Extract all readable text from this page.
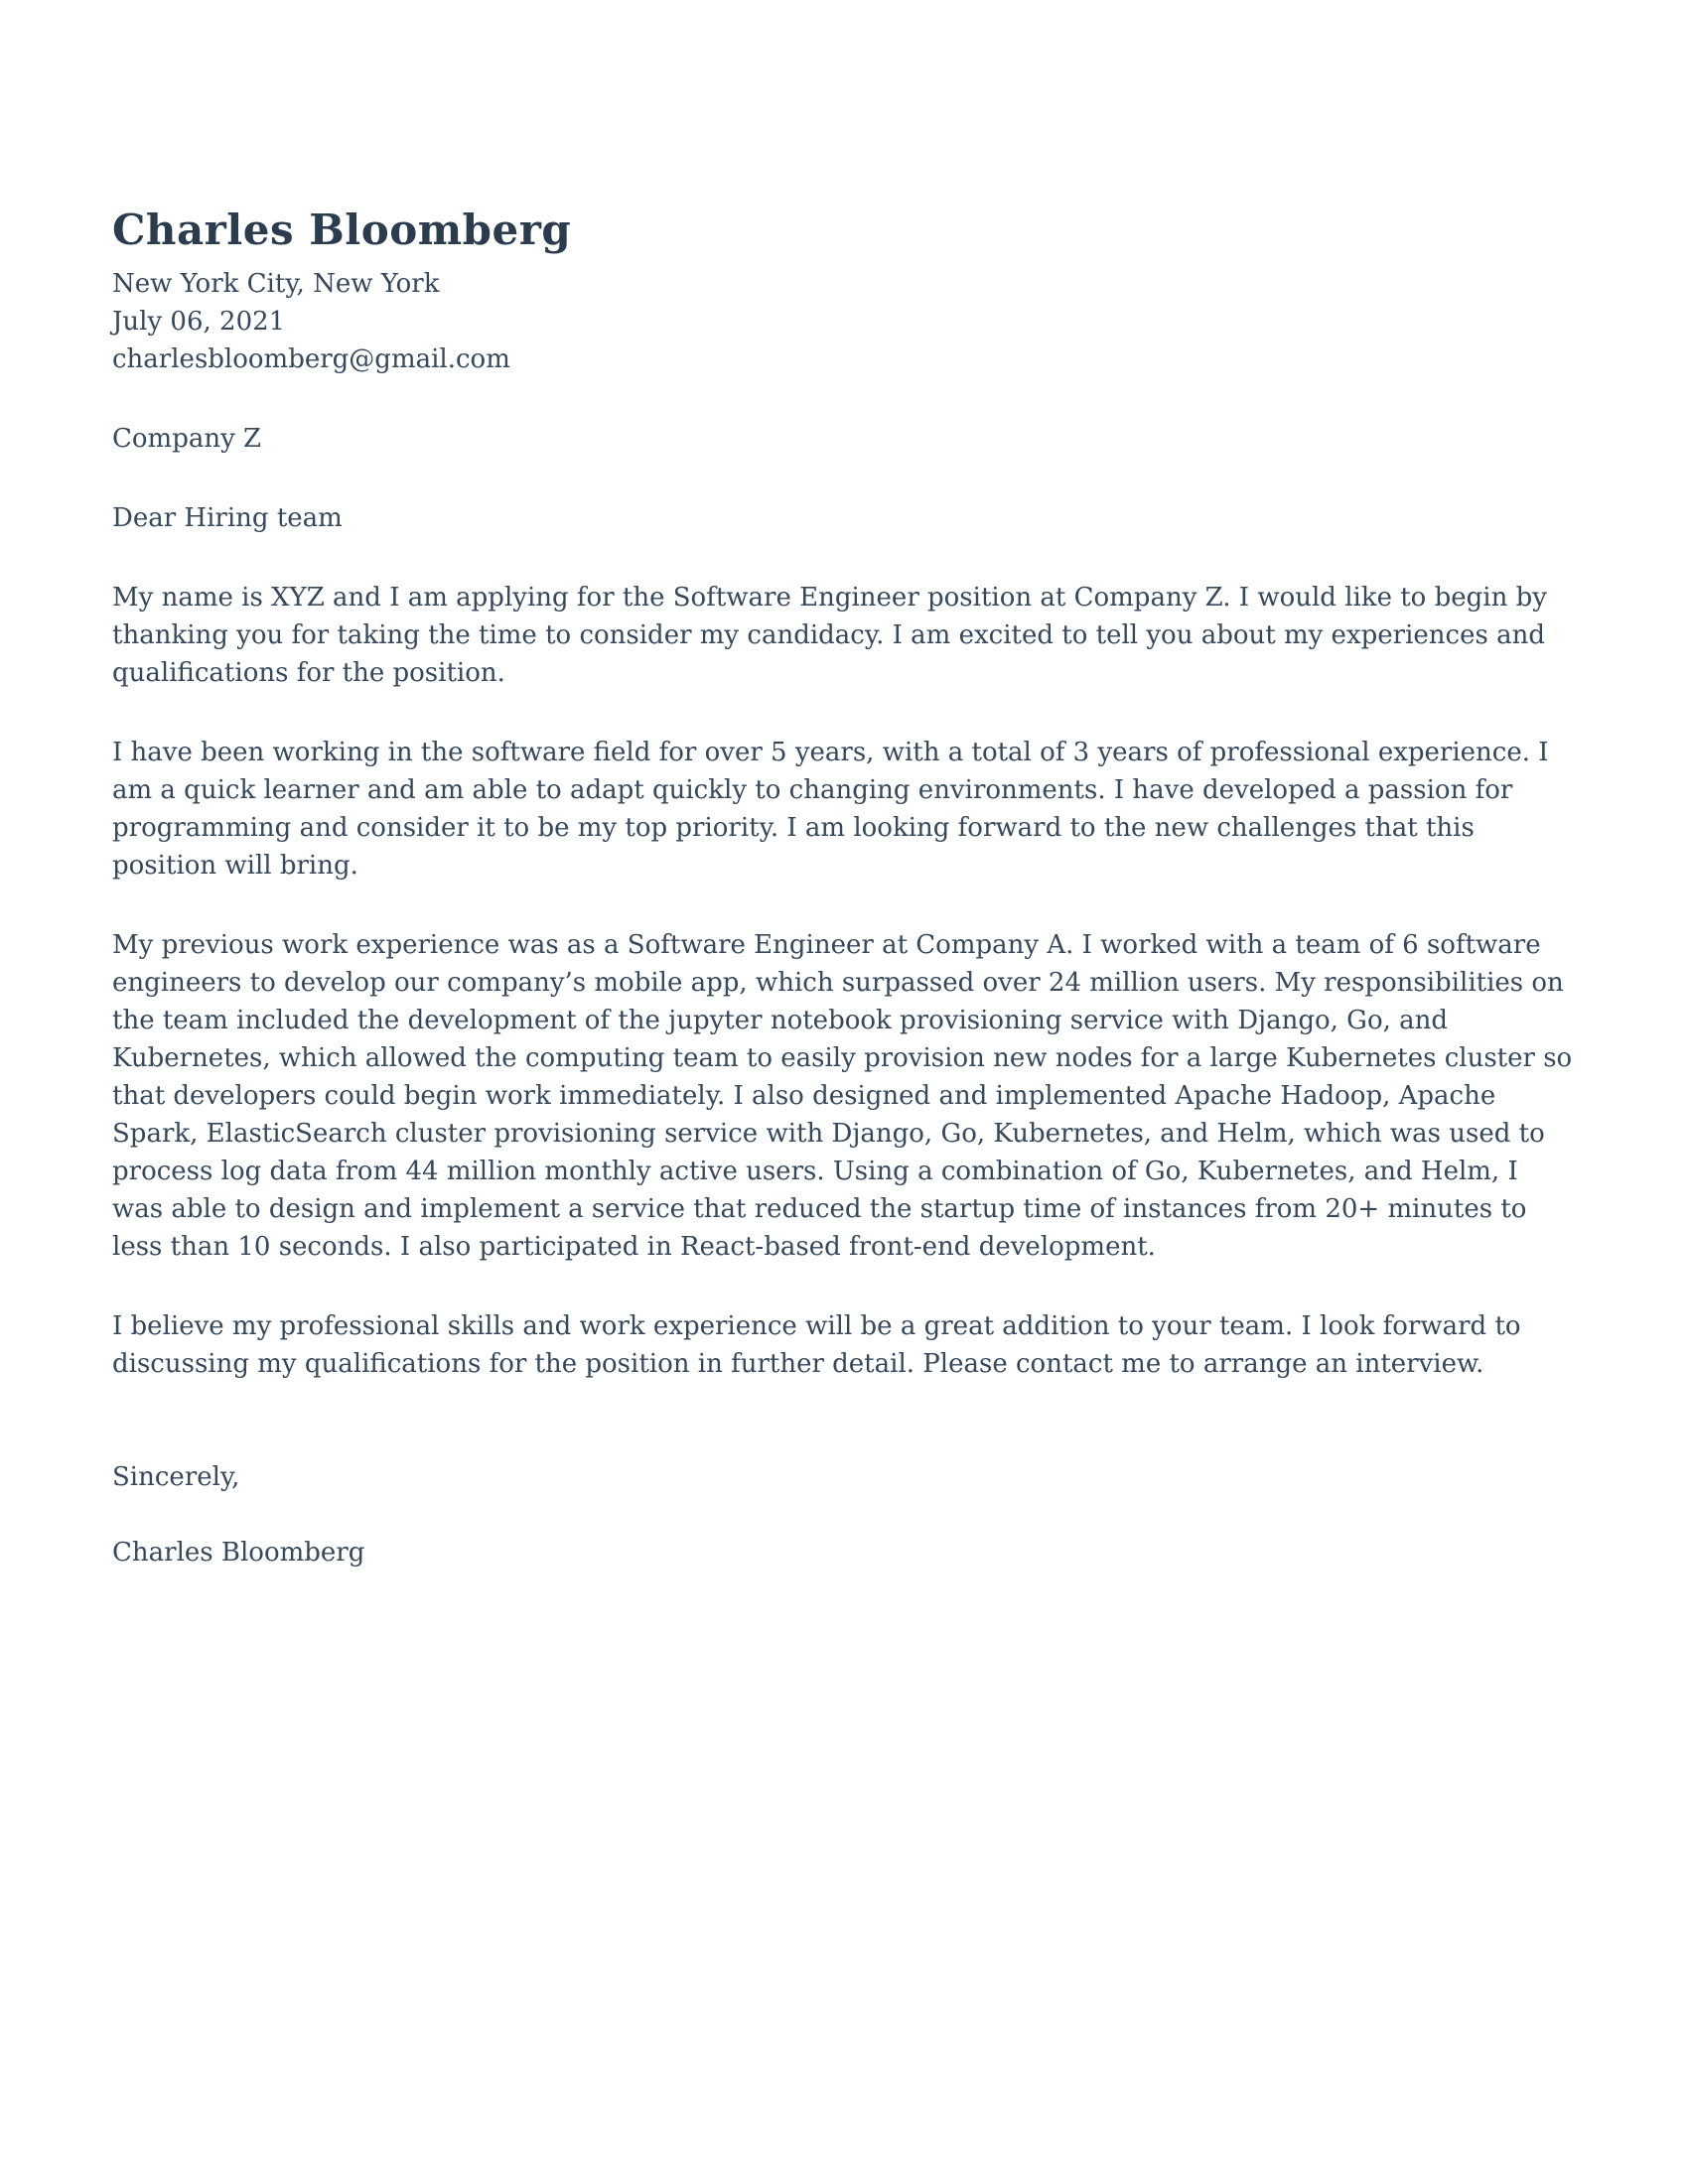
Charles Bloomberg
New York City, New York
July 06, 2021
charlesbloomberg@gmail.com
Company Z
Dear Hiring team

My name is XYZ and I am applying for the Software Engineer position at Company Z. I would like to begin by thanking you for taking the time to consider my candidacy. I am excited to tell you about my experiences and qualifications for the position.

I have been working in the software field for over 5 years, with a total of 3 years of professional experience. I am a quick learner and am able to adapt quickly to changing environments. I have developed a passion for programming and consider it to be my top priority. I am looking forward to the new challenges that this position will bring.

My previous work experience was as a Software Engineer at Company A. I worked with a team of 6 software engineers to develop our company’s mobile app, which surpassed over 24 million users. My responsibilities on the team included the development of the jupyter notebook provisioning service with Django, Go, and Kubernetes, which allowed the computing team to easily provision new nodes for a large Kubernetes cluster so that developers could begin work immediately. I also designed and implemented Apache Hadoop, Apache Spark, ElasticSearch cluster provisioning service with Django, Go, Kubernetes, and Helm, which was used to process log data from 44 million monthly active users. Using a combination of Go, Kubernetes, and Helm, I was able to design and implement a service that reduced the startup time of instances from 20+ minutes to less than 10 seconds. I also participated in React-based front-end development.

I believe my professional skills and work experience will be a great addition to your team. I look forward to discussing my qualifications for the position in further detail. Please contact me to arrange an interview.

Sincerely,
Charles Bloomberg
